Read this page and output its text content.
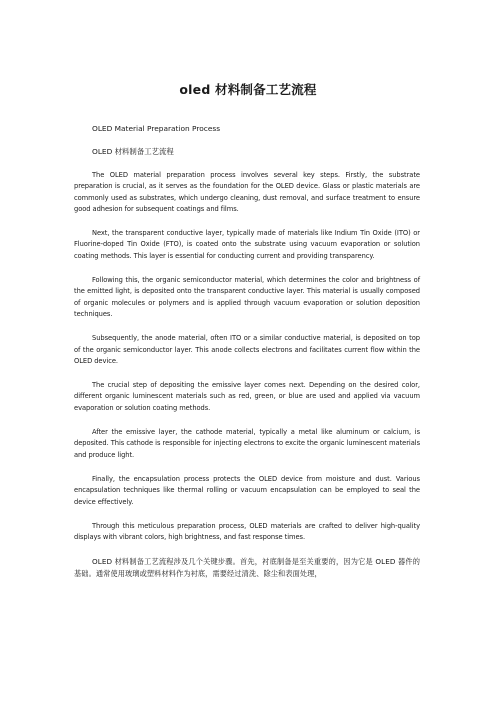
oled 材料制备工艺流程

OLED Material Preparation Process

OLED 材料制备工艺流程

The OLED material preparation process involves several key steps. Firstly, the substrate preparation is crucial, as it serves as the foundation for the OLED device. Glass or plastic materials are commonly used as substrates, which undergo cleaning, dust removal, and surface treatment to ensure good adhesion for subsequent coatings and films.

Next, the transparent conductive layer, typically made of materials like Indium Tin Oxide (ITO) or Fluorine-doped Tin Oxide (FTO), is coated onto the substrate using vacuum evaporation or solution coating methods. This layer is essential for conducting current and providing transparency.

Following this, the organic semiconductor material, which determines the color and brightness of the emitted light, is deposited onto the transparent conductive layer. This material is usually composed of organic molecules or polymers and is applied through vacuum evaporation or solution deposition techniques.

Subsequently, the anode material, often ITO or a similar conductive material, is deposited on top of the organic semiconductor layer. This anode collects electrons and facilitates current flow within the OLED device.

The crucial step of depositing the emissive layer comes next. Depending on the desired color, different organic luminescent materials such as red, green, or blue are used and applied via vacuum evaporation or solution coating methods.

After the emissive layer, the cathode material, typically a metal like aluminum or calcium, is deposited. This cathode is responsible for injecting electrons to excite the organic luminescent materials and produce light.

Finally, the encapsulation process protects the OLED device from moisture and dust. Various encapsulation techniques like thermal rolling or vacuum encapsulation can be employed to seal the device effectively.

Through this meticulous preparation process, OLED materials are crafted to deliver high-quality displays with vibrant colors, high brightness, and fast response times.

OLED 材料制备工艺流程涉及几个关键步骤。首先，衬底制备是至关重要的，因为它是 OLED 器件的基础。通常使用玻璃或塑料材料作为衬底，需要经过清洗、除尘和表面处理，
